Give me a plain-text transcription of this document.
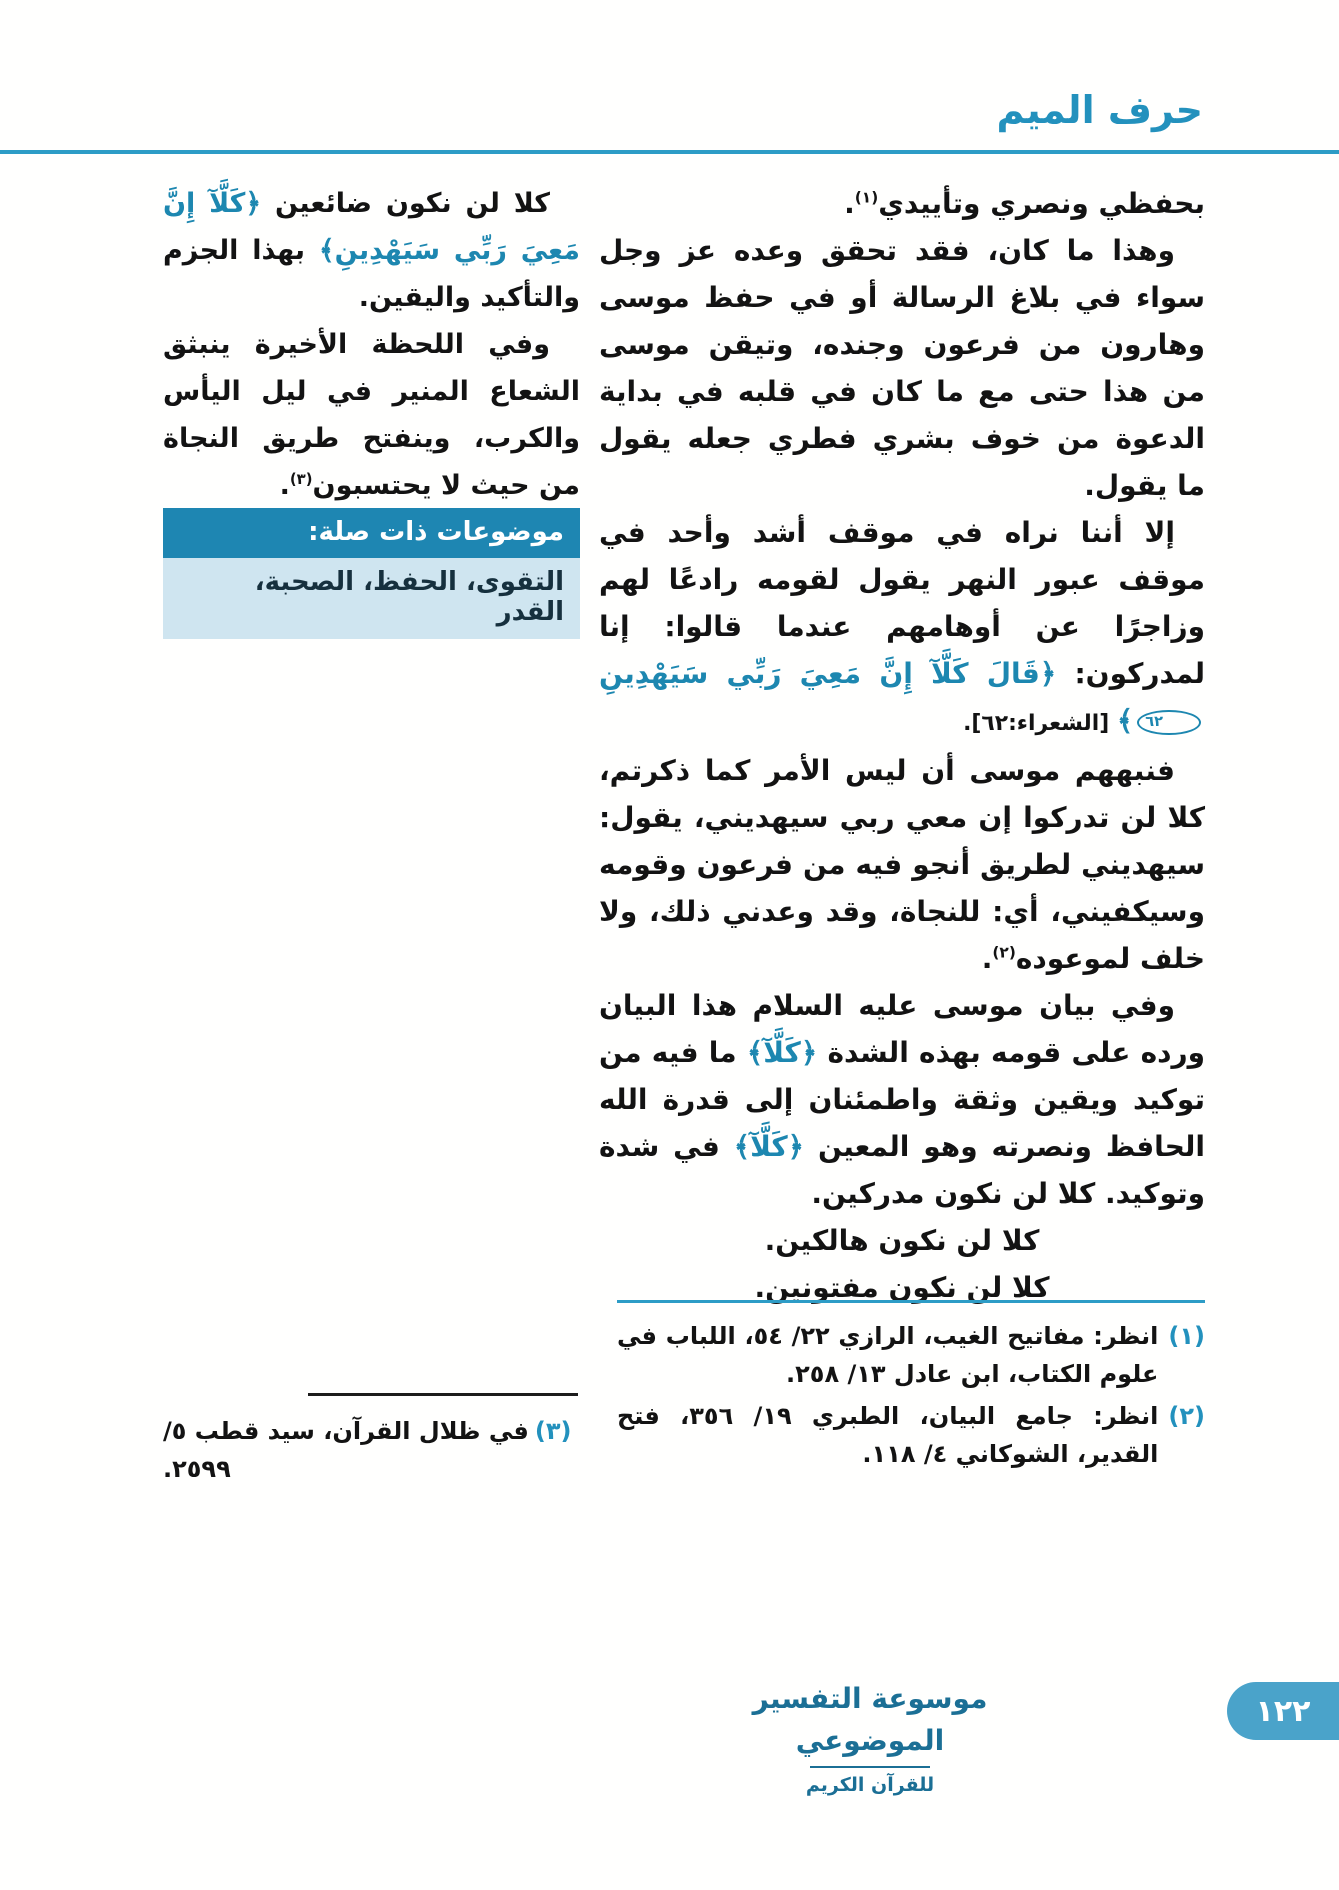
حرف الميم

بحفظي ونصري وتأييدي$^{(١)}$.

وهذا ما كان، فقد تحقق وعده عز وجل سواء في بلاغ الرسالة أو في حفظ موسى وهارون من فرعون وجنده، وتيقن موسى من هذا حتى مع ما كان في قلبه في بداية الدعوة من خوف بشري فطري جعله يقول ما يقول.

إلا أننا نراه في موقف أشد وأحد في موقف عبور النهر يقول لقومه رادعًا لهم وزاجرًا عن أوهامهم عندما قالوا: إنا لمدركون: ﴿قَالَ كَلَّآ إِنَّ مَعِيَ رَبِّي سَيَهْدِينِ ٦٢﴾ [الشعراء:٦٢].

فنبههم موسى أن ليس الأمر كما ذكرتم، كلا لن تدركوا إن معي ربي سيهديني، يقول: سيهديني لطريق أنجو فيه من فرعون وقومه وسيكفيني، أي: للنجاة، وقد وعدني ذلك، ولا خلف لموعوده$^{(٢)}$.

وفي بيان موسى عليه السلام هذا البيان ورده على قومه بهذه الشدة ﴿كَلَّآ﴾ ما فيه من توكيد ويقين وثقة واطمئنان إلى قدرة الله الحافظ ونصرته وهو المعين ﴿كَلَّآ﴾ في شدة وتوكيد. كلا لن نكون مدركين.

كلا لن نكون هالكين.

كلا لن نكون مفتونين.

كلا لن نكون ضائعين ﴿كَلَّآ إِنَّ مَعِيَ رَبِّي سَيَهْدِينِ﴾ بهذا الجزم والتأكيد واليقين.

وفي اللحظة الأخيرة ينبثق الشعاع المنير في ليل اليأس والكرب، وينفتح طريق النجاة من حيث لا يحتسبون$^{(٣)}$.

موضوعات ذات صلة:
التقوى، الحفظ، الصحبة، القدر
(١)
انظر: مفاتيح الغيب، الرازي ٢٢/ ٥٤، اللباب في علوم الكتاب، ابن عادل ١٣/ ٢٥٨.
(٢)
انظر: جامع البيان، الطبري ١٩/ ٣٥٦، فتح القدير، الشوكاني ٤/ ١١٨.
(٣)في ظلال القرآن، سيد قطب ٥/ ٢٥٩٩.
موسوعة التفسير الموضوعي
للقرآن الكريم
١٢٢
